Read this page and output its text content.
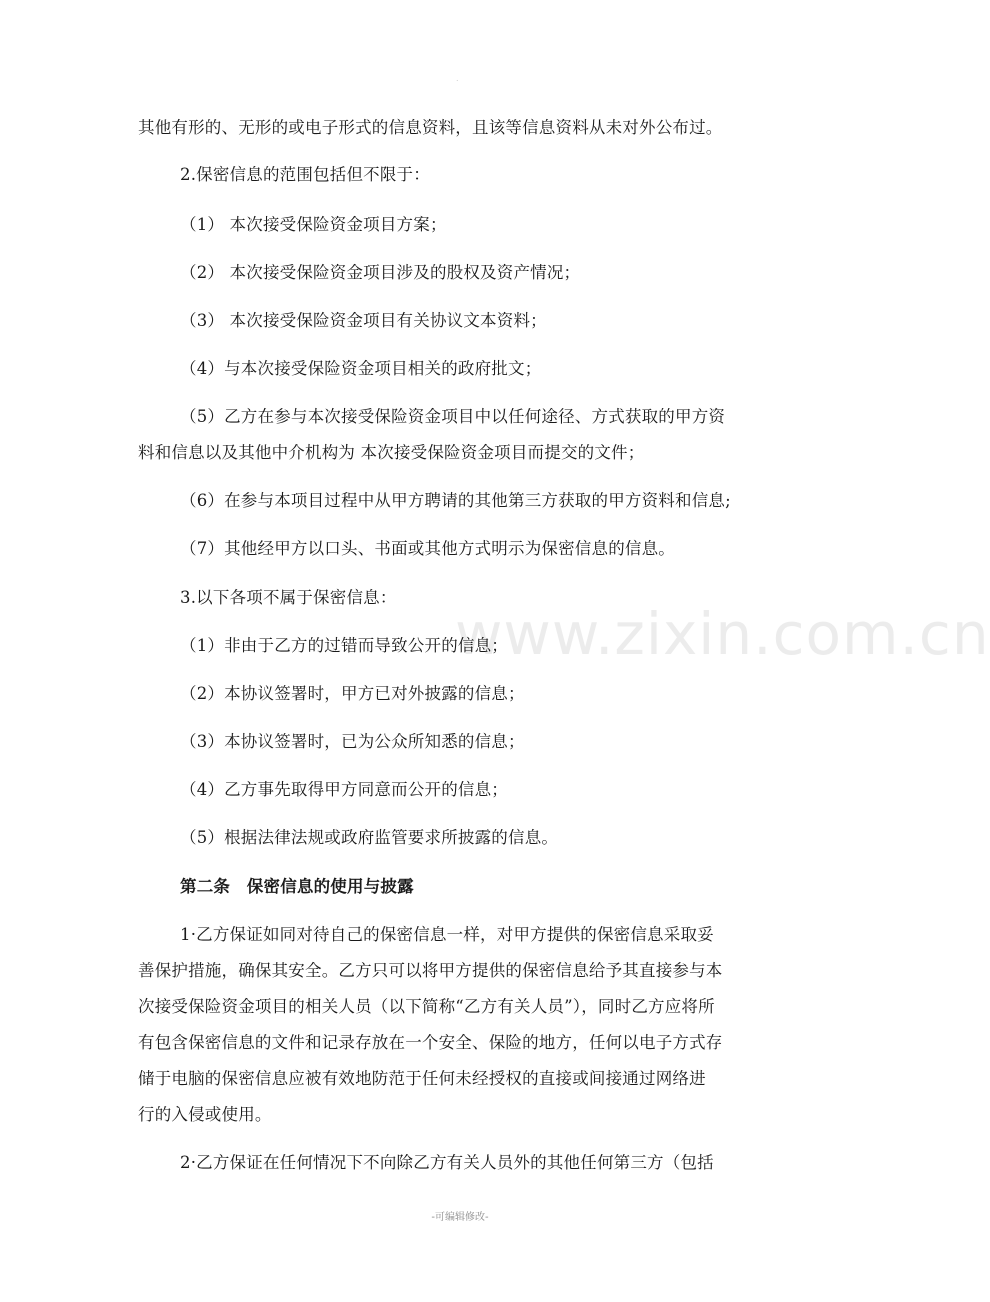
.
www.zixin.com.cn
其他有形的、无形的或电子形式的信息资料，且该等信息资料从未对外公布过。
2.保密信息的范围包括但不限于：
（1） 本次接受保险资金项目方案；
（2） 本次接受保险资金项目涉及的股权及资产情况；
（3） 本次接受保险资金项目有关协议文本资料；
（4）与本次接受保险资金项目相关的政府批文；
（5）乙方在参与本次接受保险资金项目中以任何途径、方式获取的甲方资
料和信息以及其他中介机构为 本次接受保险资金项目而提交的文件；
（6）在参与本项目过程中从甲方聘请的其他第三方获取的甲方资料和信息;
（7）其他经甲方以口头、书面或其他方式明示为保密信息的信息。
3.以下各项不属于保密信息：
（1）非由于乙方的过错而导致公开的信息；
（2）本协议签署时，甲方已对外披露的信息；
（3）本协议签署时，已为公众所知悉的信息；
（4）乙方事先取得甲方同意而公开的信息；
（5）根据法律法规或政府监管要求所披露的信息。
第二条　保密信息的使用与披露
1·乙方保证如同对待自己的保密信息一样，对甲方提供的保密信息采取妥
善保护措施，确保其安全。乙方只可以将甲方提供的保密信息给予其直接参与本
次接受保险资金项目的相关人员（以下简称“乙方有关人员”），同时乙方应将所
有包含保密信息的文件和记录存放在一个安全、保险的地方，任何以电子方式存
储于电脑的保密信息应被有效地防范于任何未经授权的直接或间接通过网络进
行的入侵或使用。
2·乙方保证在任何情况下不向除乙方有关人员外的其他任何第三方（包括
-可编辑修改-
